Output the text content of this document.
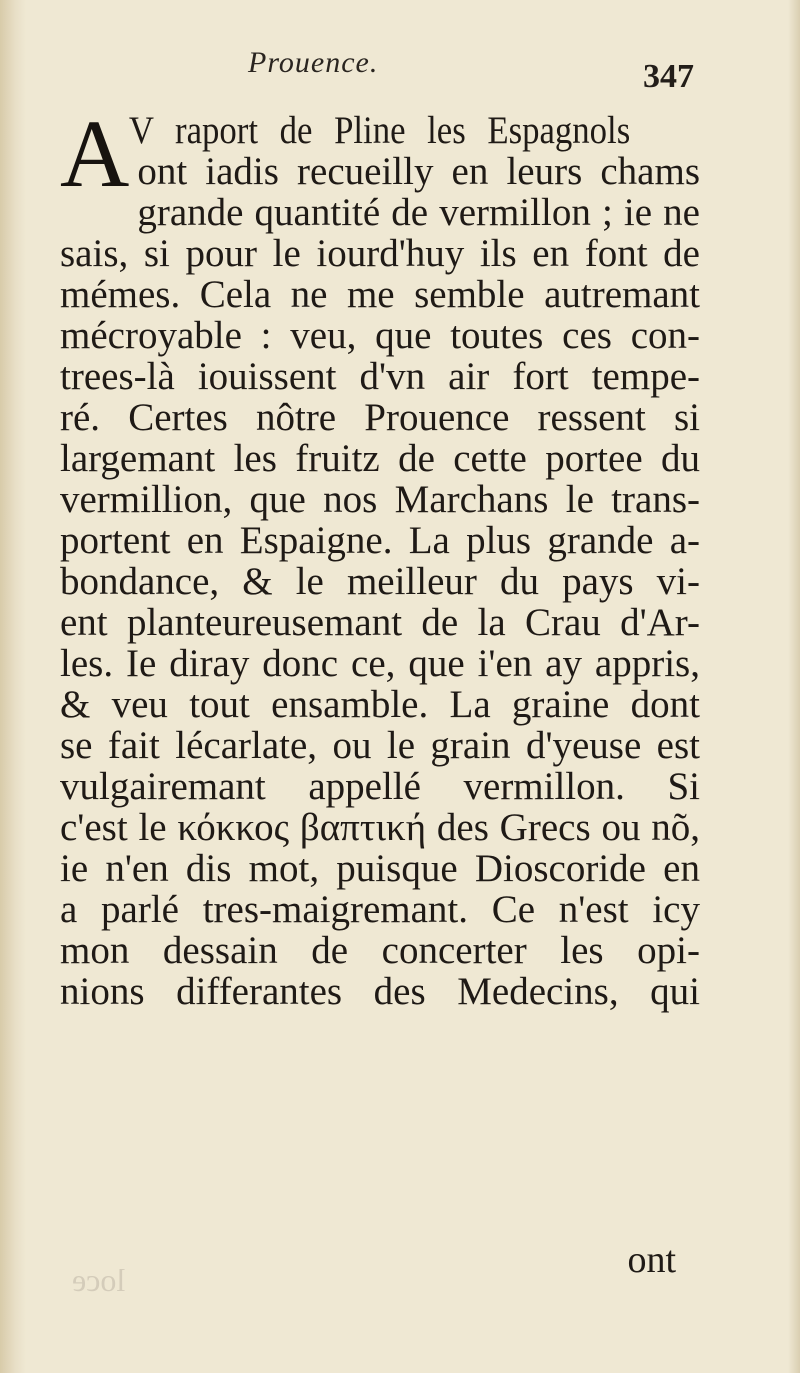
Prouence.	347
A V raport de Pline les Espagnols
ont iadis recueilly en leurs chams
grande quantité de vermillon ; ie ne
sais, si pour le iourd'huy ils en font de
mémes. Cela ne me semble autremant
mécroyable : veu, que toutes ces con-
trees-là iouissent d'vn air fort tempe-
ré. Certes nôtre Prouence ressent si
largemant les fruitz de cette portee du
vermillion, que nos Marchans le trans-
portent en Espaigne. La plus grande a-
bondance, & le meilleur du pays vi-
ent planteureusemant de la Crau d'Ar-
les. Ie diray donc ce, que i'en ay appris,
& veu tout ensamble. La graine dont
se fait lécarlate, ou le grain d'yeuse est
vulgairemant appellé vermillon. Si
c'est le κόκκος βαπτική des Grecs ou nõ,
ie n'en dis mot, puisque Dioscoride en
a parlé tres-maigremant. Ce n'est icy
mon dessain de concerter les opi-
nions differantes des Medecins, qui
ont
loce
